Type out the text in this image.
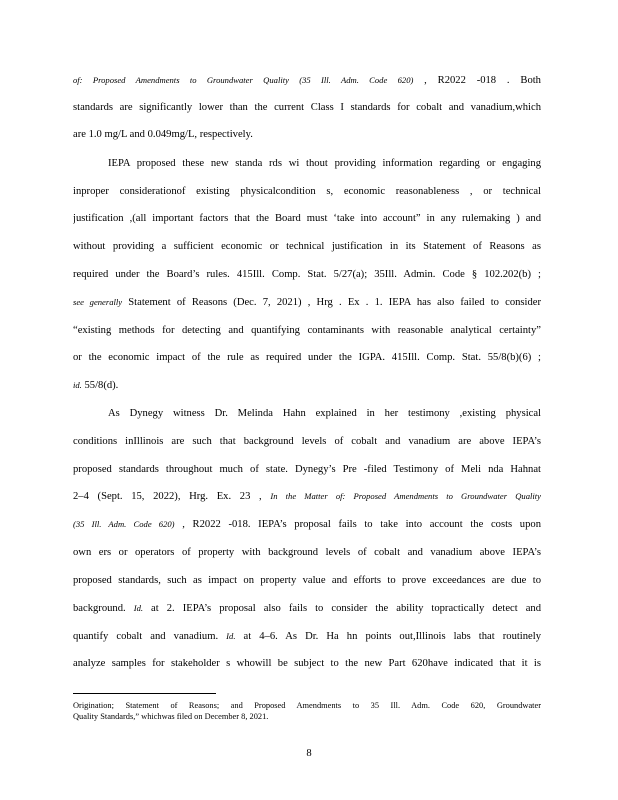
of: Proposed Amendments to Groundwater Quality (35 Ill. Adm. Code 620) , R2022 -018 . Both
standards are significantly lower than the current Class I standards for cobalt and vanadium,which
are 1.0 mg/L and 0.049mg/L, respectively.
IEPA proposed these new standa rds wi thout providing information regarding or engaging
inproper considerationof existing physicalcondition s, economic reasonableness , or technical
justification ,(all important factors that the Board must ‘take into account” in any rulemaking ) and
without providing a sufficient economic or technical justification in its Statement of Reasons as
required under the Board’s rules. 415Ill. Comp. Stat. 5/27(a); 35Ill. Admin. Code § 102.202(b) ;
see generally Statement of Reasons (Dec. 7, 2021) , Hrg . Ex . 1. IEPA has also failed to consider
“existing methods for detecting and quantifying contaminants with reasonable analytical certainty”
or the economic impact of the rule as required under the IGPA. 415Ill. Comp. Stat. 55/8(b)(6) ;
id. 55/8(d).
As Dynegy witness Dr. Melinda Hahn explained in her testimony ,existing physical
conditions inIllinois are such that background levels of cobalt and vanadium are above IEPA’s
proposed standards throughout much of state. Dynegy’s Pre -filed Testimony of Meli nda Hahnat
2–4 (Sept. 15, 2022), Hrg. Ex. 23 , In the Matter of: Proposed Amendments to Groundwater Quality
(35 Ill. Adm. Code 620) , R2022 -018. IEPA’s proposal fails to take into account the costs upon
own ers or operators of property with background levels of cobalt and vanadium above IEPA’s
proposed standards, such as impact on property value and efforts to prove exceedances are due to
background. Id. at 2. IEPA’s proposal also fails to consider the ability topractically detect and
quantify cobalt and vanadium. Id. at 4–6. As Dr. Ha hn points out,Illinois labs that routinely
analyze samples for stakeholder s whowill be subject to the new Part 620have indicated that it is
Origination; Statement of Reasons; and Proposed Amendments to 35 Ill. Adm. Code 620, Groundwater
Quality Standards,” whichwas filed on December 8, 2021.
8
